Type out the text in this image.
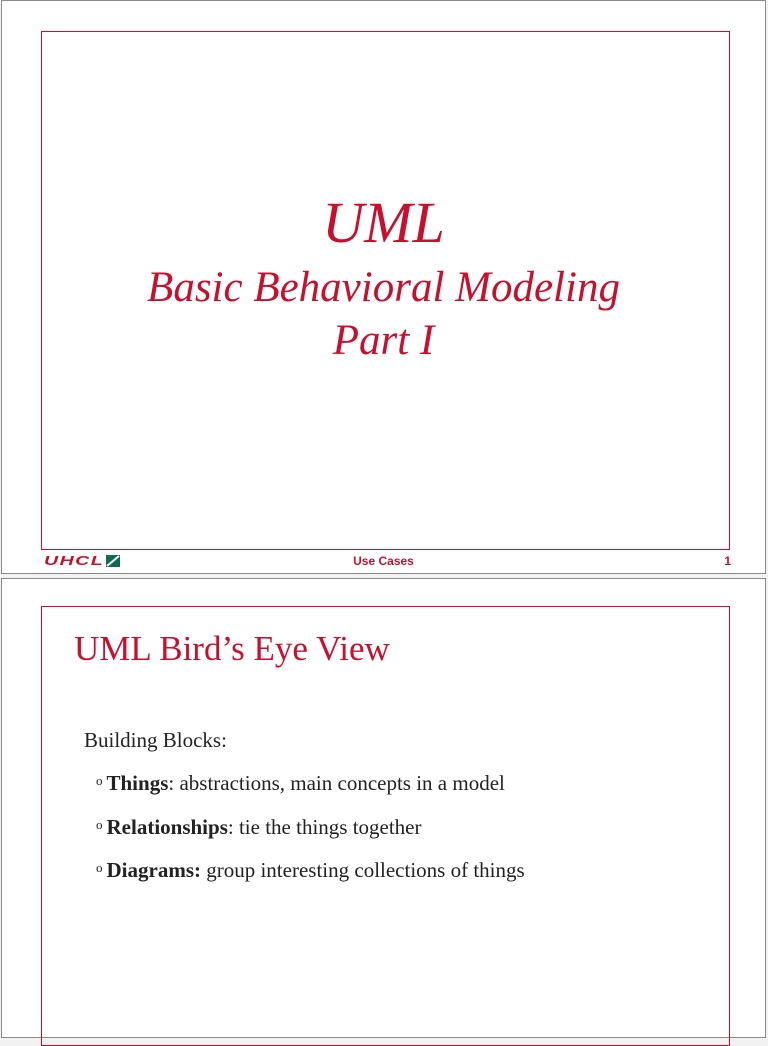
UML
Basic Behavioral Modeling
Part I
UHCL	Use Cases	1
UML Bird’s Eye View
Building Blocks:
$^o$ Things: abstractions, main concepts in a model
$^o$ Relationships: tie the things together
$^o$ Diagrams: group interesting collections of things
